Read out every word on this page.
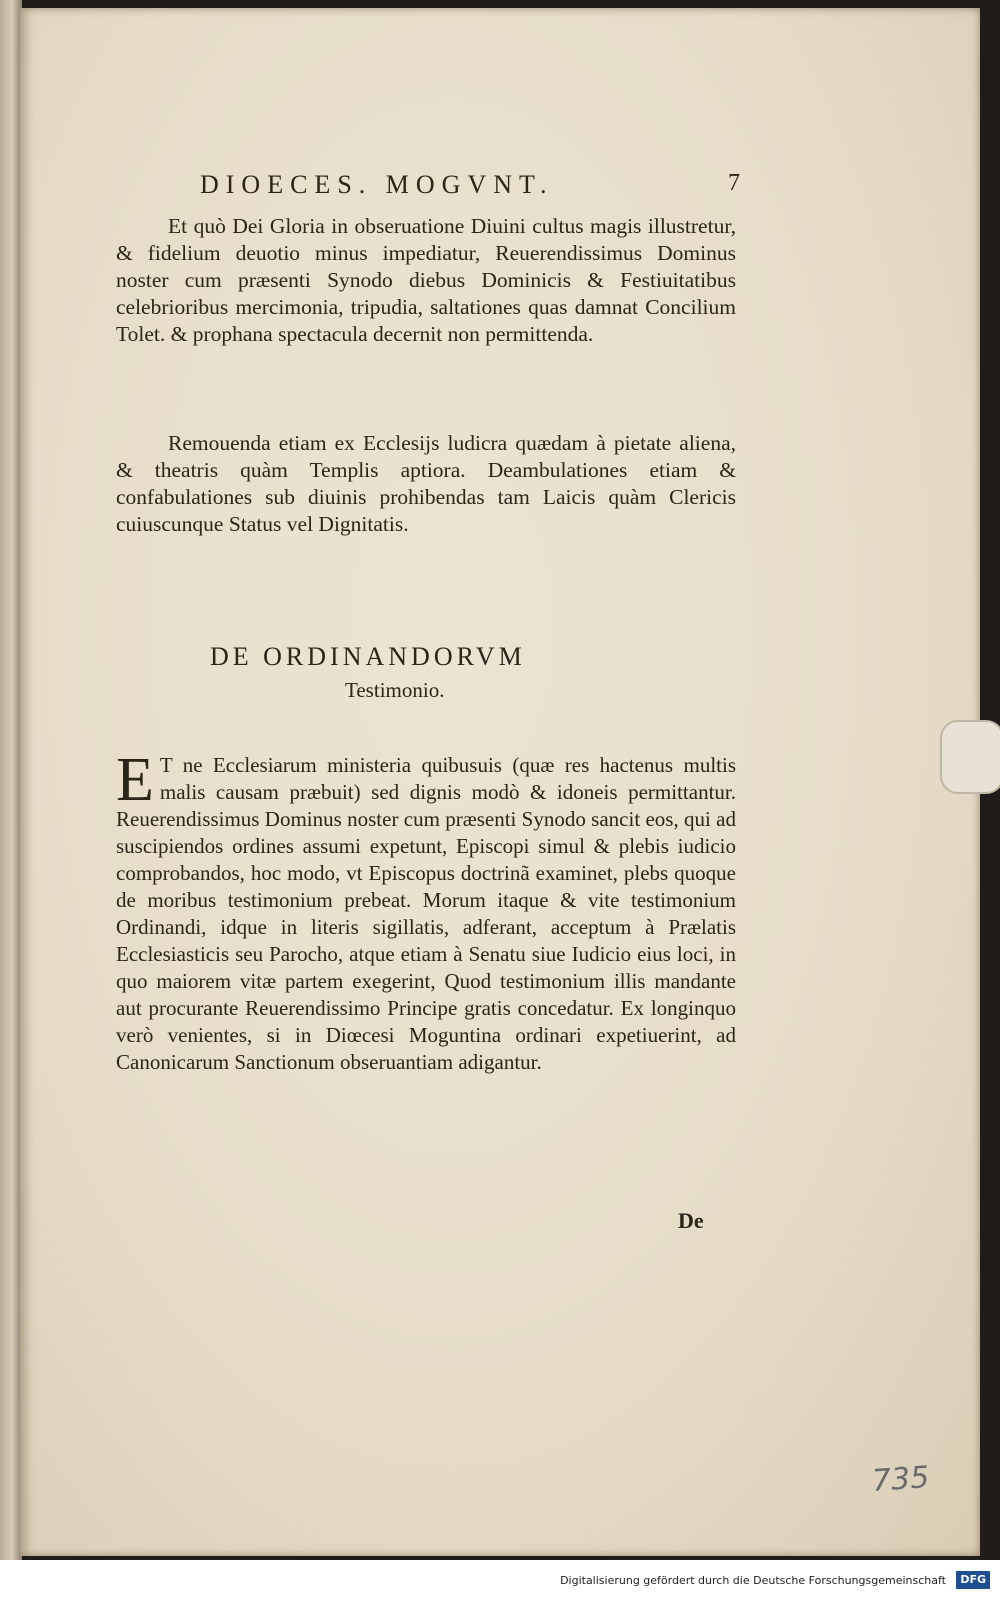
DIOECES. MOGVNT.	7

Et quò Dei Gloria in obseruatione Diuini cultus magis illustretur, & fidelium deuotio minus impediatur, Reuerendissimus Dominus noster cum præsenti Synodo diebus Dominicis & Festiuitatibus celebrioribus mercimonia, tripudia, saltationes quas damnat Concilium Tolet. & prophana spectacula decernit non permittenda.

Remouenda etiam ex Ecclesijs ludicra quædam à pietate aliena, & theatris quàm Templis aptiora. Deambulationes etiam & confabulationes sub diuinis prohibendas tam Laicis quàm Clericis cuiuscunque Status vel Dignitatis.

DE ORDINANDORVM
Testimonio.
E T ne Ecclesiarum ministeria quibusuis (quæ res hactenus multis malis causam præbuit) sed dignis modò & idoneis permittantur. Reuerendissimus Dominus noster cum præsenti Synodo sancit eos, qui ad suscipiendos ordines assumi expetunt, Episcopi simul & plebis iudicio comprobandos, hoc modo, vt Episcopus doctrinã examinet, plebs quoque de moribus testimonium prebeat. Morum itaque & vite testimonium Ordinandi, idque in literis sigillatis, adferant, acceptum à Prælatis Ecclesiasticis seu Parocho, atque etiam à Senatu siue Iudicio eius loci, in quo maiorem vitæ partem exegerint, Quod testimonium illis mandante aut procurante Reuerendissimo Principe gratis concedatur. Ex longinquo verò venientes, si in Diœcesi Moguntina ordinari expetiuerint, ad Canonicarum Sanctionum obseruantiam adigantur.
De
735
Digitalisierung gefördert durch die Deutsche Forschungsgemeinschaft	DFG
